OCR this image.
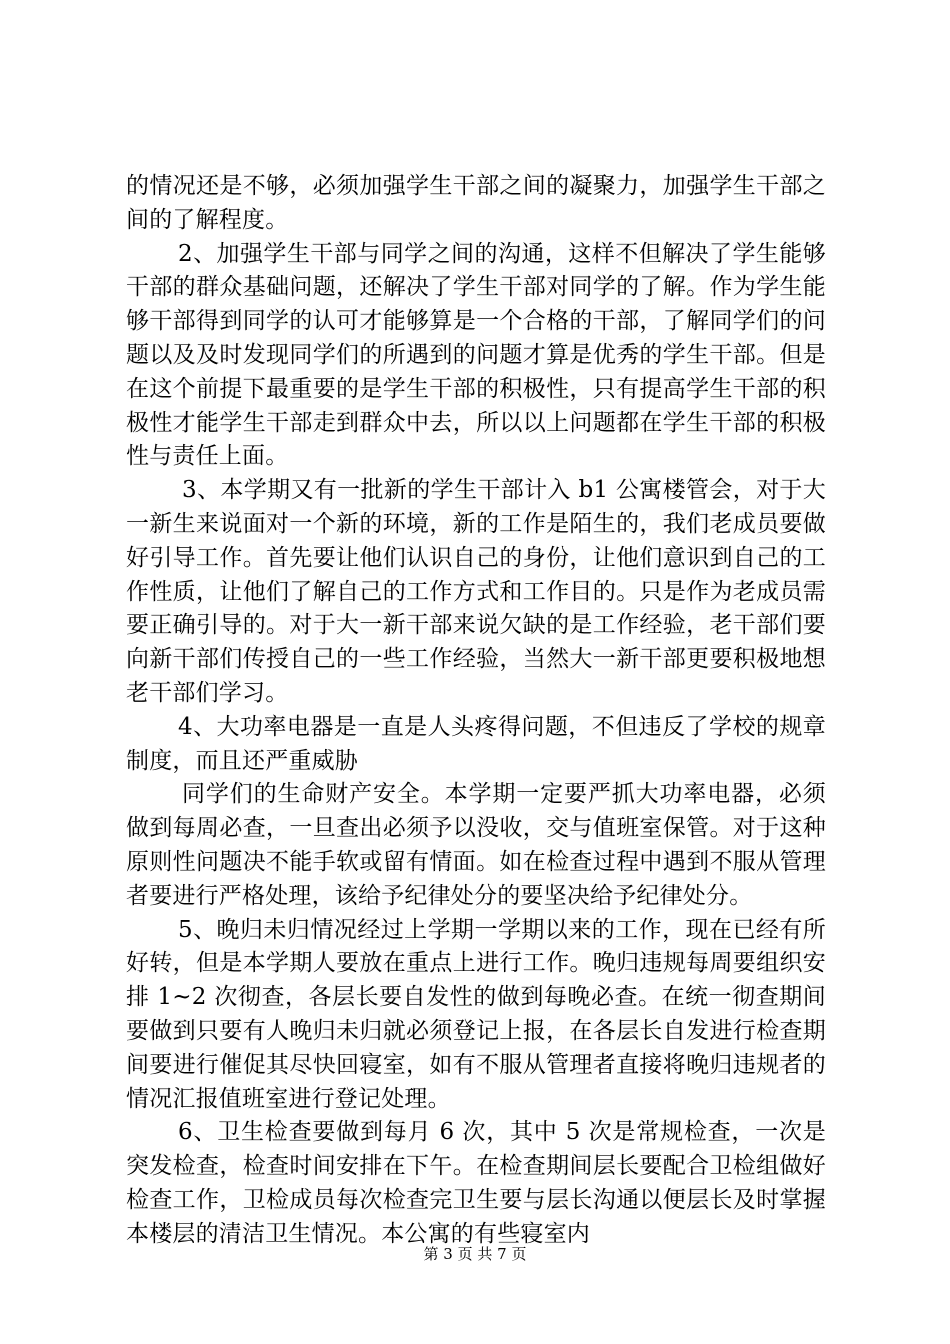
的情况还是不够，必须加强学生干部之间的凝聚力，加强学生干部之间的了解程度。

2、加强学生干部与同学之间的沟通，这样不但解决了学生能够干部的群众基础问题，还解决了学生干部对同学的了解。作为学生能够干部得到同学的认可才能够算是一个合格的干部，了解同学们的问题以及及时发现同学们的所遇到的问题才算是优秀的学生干部。但是在这个前提下最重要的是学生干部的积极性，只有提高学生干部的积极性才能学生干部走到群众中去，所以以上问题都在学生干部的积极性与责任上面。

3、本学期又有一批新的学生干部计入 b1 公寓楼管会，对于大一新生来说面对一个新的环境，新的工作是陌生的，我们老成员要做好引导工作。首先要让他们认识自己的身份，让他们意识到自己的工作性质，让他们了解自己的工作方式和工作目的。只是作为老成员需要正确引导的。对于大一新干部来说欠缺的是工作经验，老干部们要向新干部们传授自己的一些工作经验，当然大一新干部更要积极地想老干部们学习。

4、大功率电器是一直是人头疼得问题，不但违反了学校的规章制度，而且还严重威胁

同学们的生命财产安全。本学期一定要严抓大功率电器，必须做到每周必查，一旦查出必须予以没收，交与值班室保管。对于这种原则性问题决不能手软或留有情面。如在检查过程中遇到不服从管理者要进行严格处理，该给予纪律处分的要坚决给予纪律处分。

5、晚归未归情况经过上学期一学期以来的工作，现在已经有所好转，但是本学期人要放在重点上进行工作。晚归违规每周要组织安排 1~2 次彻查，各层长要自发性的做到每晚必查。在统一彻查期间要做到只要有人晚归未归就必须登记上报，在各层长自发进行检查期间要进行催促其尽快回寝室，如有不服从管理者直接将晚归违规者的情况汇报值班室进行登记处理。

6、卫生检查要做到每月 6 次，其中 5 次是常规检查，一次是突发检查，检查时间安排在下午。在检查期间层长要配合卫检组做好检查工作，卫检成员每次检查完卫生要与层长沟通以便层长及时掌握本楼层的清洁卫生情况。本公寓的有些寝室内

第 3 页 共 7 页
